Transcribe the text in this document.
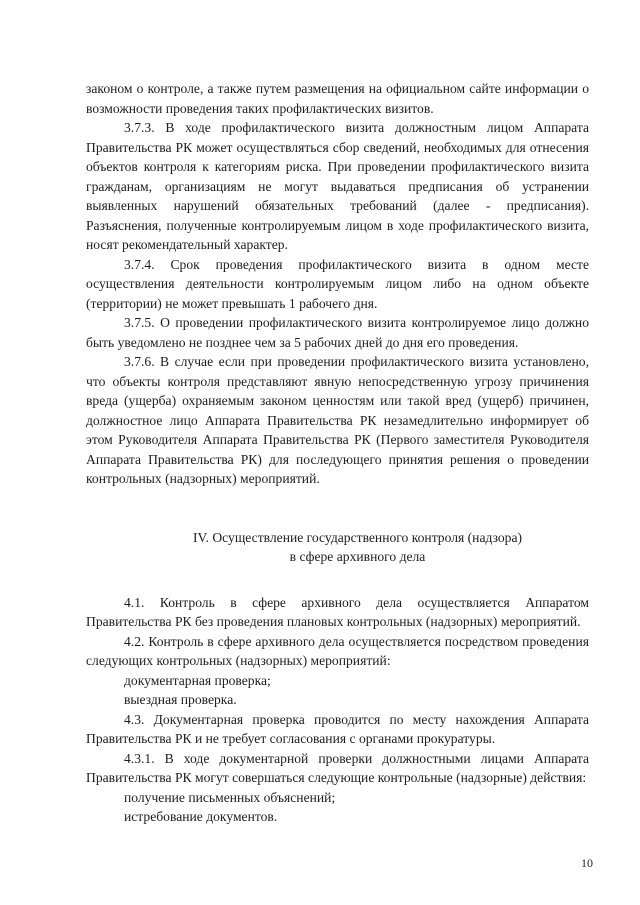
законом о контроле, а также путем размещения на официальном сайте информации о возможности проведения таких профилактических визитов.

3.7.3. В ходе профилактического визита должностным лицом Аппарата Правительства РК может осуществляться сбор сведений, необходимых для отнесения объектов контроля к категориям риска. При проведении профилактического визита гражданам, организациям не могут выдаваться предписания об устранении выявленных нарушений обязательных требований (далее - предписания). Разъяснения, полученные контролируемым лицом в ходе профилактического визита, носят рекомендательный характер.

3.7.4. Срок проведения профилактического визита в одном месте осуществления деятельности контролируемым лицом либо на одном объекте (территории) не может превышать 1 рабочего дня.

3.7.5. О проведении профилактического визита контролируемое лицо должно быть уведомлено не позднее чем за 5 рабочих дней до дня его проведения.

3.7.6. В случае если при проведении профилактического визита установлено, что объекты контроля представляют явную непосредственную угрозу причинения вреда (ущерба) охраняемым законом ценностям или такой вред (ущерб) причинен, должностное лицо Аппарата Правительства РК незамедлительно информирует об этом Руководителя Аппарата Правительства РК (Первого заместителя Руководителя Аппарата Правительства РК) для последующего принятия решения о проведении контрольных (надзорных) мероприятий.

IV. Осуществление государственного контроля (надзора)
в сфере архивного дела

4.1. Контроль в сфере архивного дела осуществляется Аппаратом Правительства РК без проведения плановых контрольных (надзорных) мероприятий.

4.2. Контроль в сфере архивного дела осуществляется посредством проведения следующих контрольных (надзорных) мероприятий:

документарная проверка;

выездная проверка.

4.3. Документарная проверка проводится по месту нахождения Аппарата Правительства РК и не требует согласования с органами прокуратуры.

4.3.1. В ходе документарной проверки должностными лицами Аппарата Правительства РК могут совершаться следующие контрольные (надзорные) действия:

получение письменных объяснений;

истребование документов.

10
